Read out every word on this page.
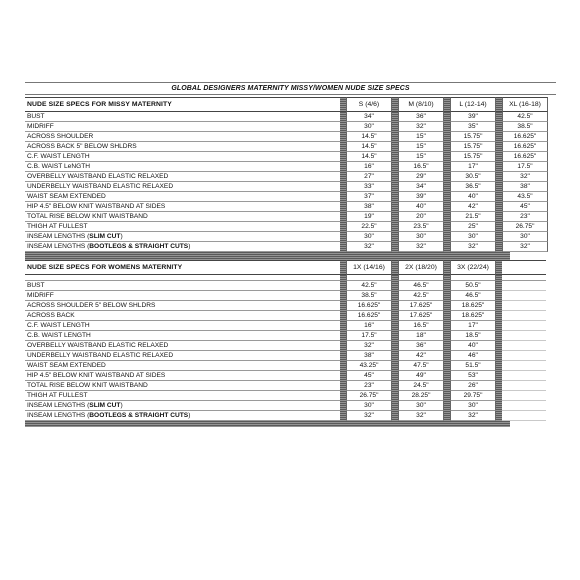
GLOBAL DESIGNERS MATERNITY MISSY/WOMEN NUDE SIZE SPECS
NUDE SIZE SPECS FOR MISSY MATERNITY		S (4/6)		M (8/10)		L (12-14)		XL (16-18)
BUST		34"		36"		39"		42.5"
MIDRIFF		30"		32"		35"		38.5"
ACROSS SHOULDER		14.5"		15"		15.75"		16.625"
ACROSS BACK 5" BELOW SHLDRS		14.5"		15"		15.75"		16.625"
C.F. WAIST LENGTH		14.5"		15"		15.75"		16.625"
C.B. WAIST LeNGTH		16"		16.5"		17"		17.5"
OVERBELLY WAISTBAND ELASTIC RELAXED		27"		29"		30.5"		32"
UNDERBELLY WAISTBAND ELASTIC RELAXED		33"		34"		36.5"		38"
WAIST SEAM EXTENDED		37"		39"		40"		43.5"
HIP 4.5" BELOW KNIT WAISTBAND AT SIDES		38"		40"		42"		45"
TOTAL RISE BELOW KNIT WAISTBAND		19"		20"		21.5"		23"
THIGH AT FULLEST		22.5"		23.5"		25"		26.75"
INSEAM LENGTHS (SLIM CUT)		30"		30"		30"		30"
INSEAM LENGTHS (BOOTLEGS & STRAIGHT CUTS)		32"		32"		32"		32"
NUDE SIZE SPECS FOR WOMENS MATERNITY		1X (14/16)		2X (18/20)		3X (22/24)		

BUST		42.5"		46.5"		50.5"		
MIDRIFF		38.5"		42.5"		46.5"		
ACROSS SHOULDER 5" BELOW SHLDRS		16.625"		17.625"		18.625"		
ACROSS BACK		16.625"		17.625"		18.625"		
C.F. WAIST LENGTH		16"		16.5"		17"		
C.B. WAIST LENGTH		17.5"		18"		18.5"		
OVERBELLY WAISTBAND ELASTIC RELAXED		32"		36"		40"		
UNDERBELLY WAISTBAND ELASTIC RELAXED		38"		42"		46"		
WAIST SEAM EXTENDED		43.25"		47.5"		51.5"		
HIP 4.5" BELOW KNIT WAISTBAND AT SIDES		45"		49"		53"		
TOTAL RISE BELOW KNIT WAISTBAND		23"		24.5"		26"		
THIGH AT FULLEST		26.75"		28.25"		29.75"		
INSEAM LENGTHS (SLIM CUT)		30"		30"		30"		
INSEAM LENGTHS (BOOTLEGS & STRAIGHT CUTS)		32"		32"		32"		
